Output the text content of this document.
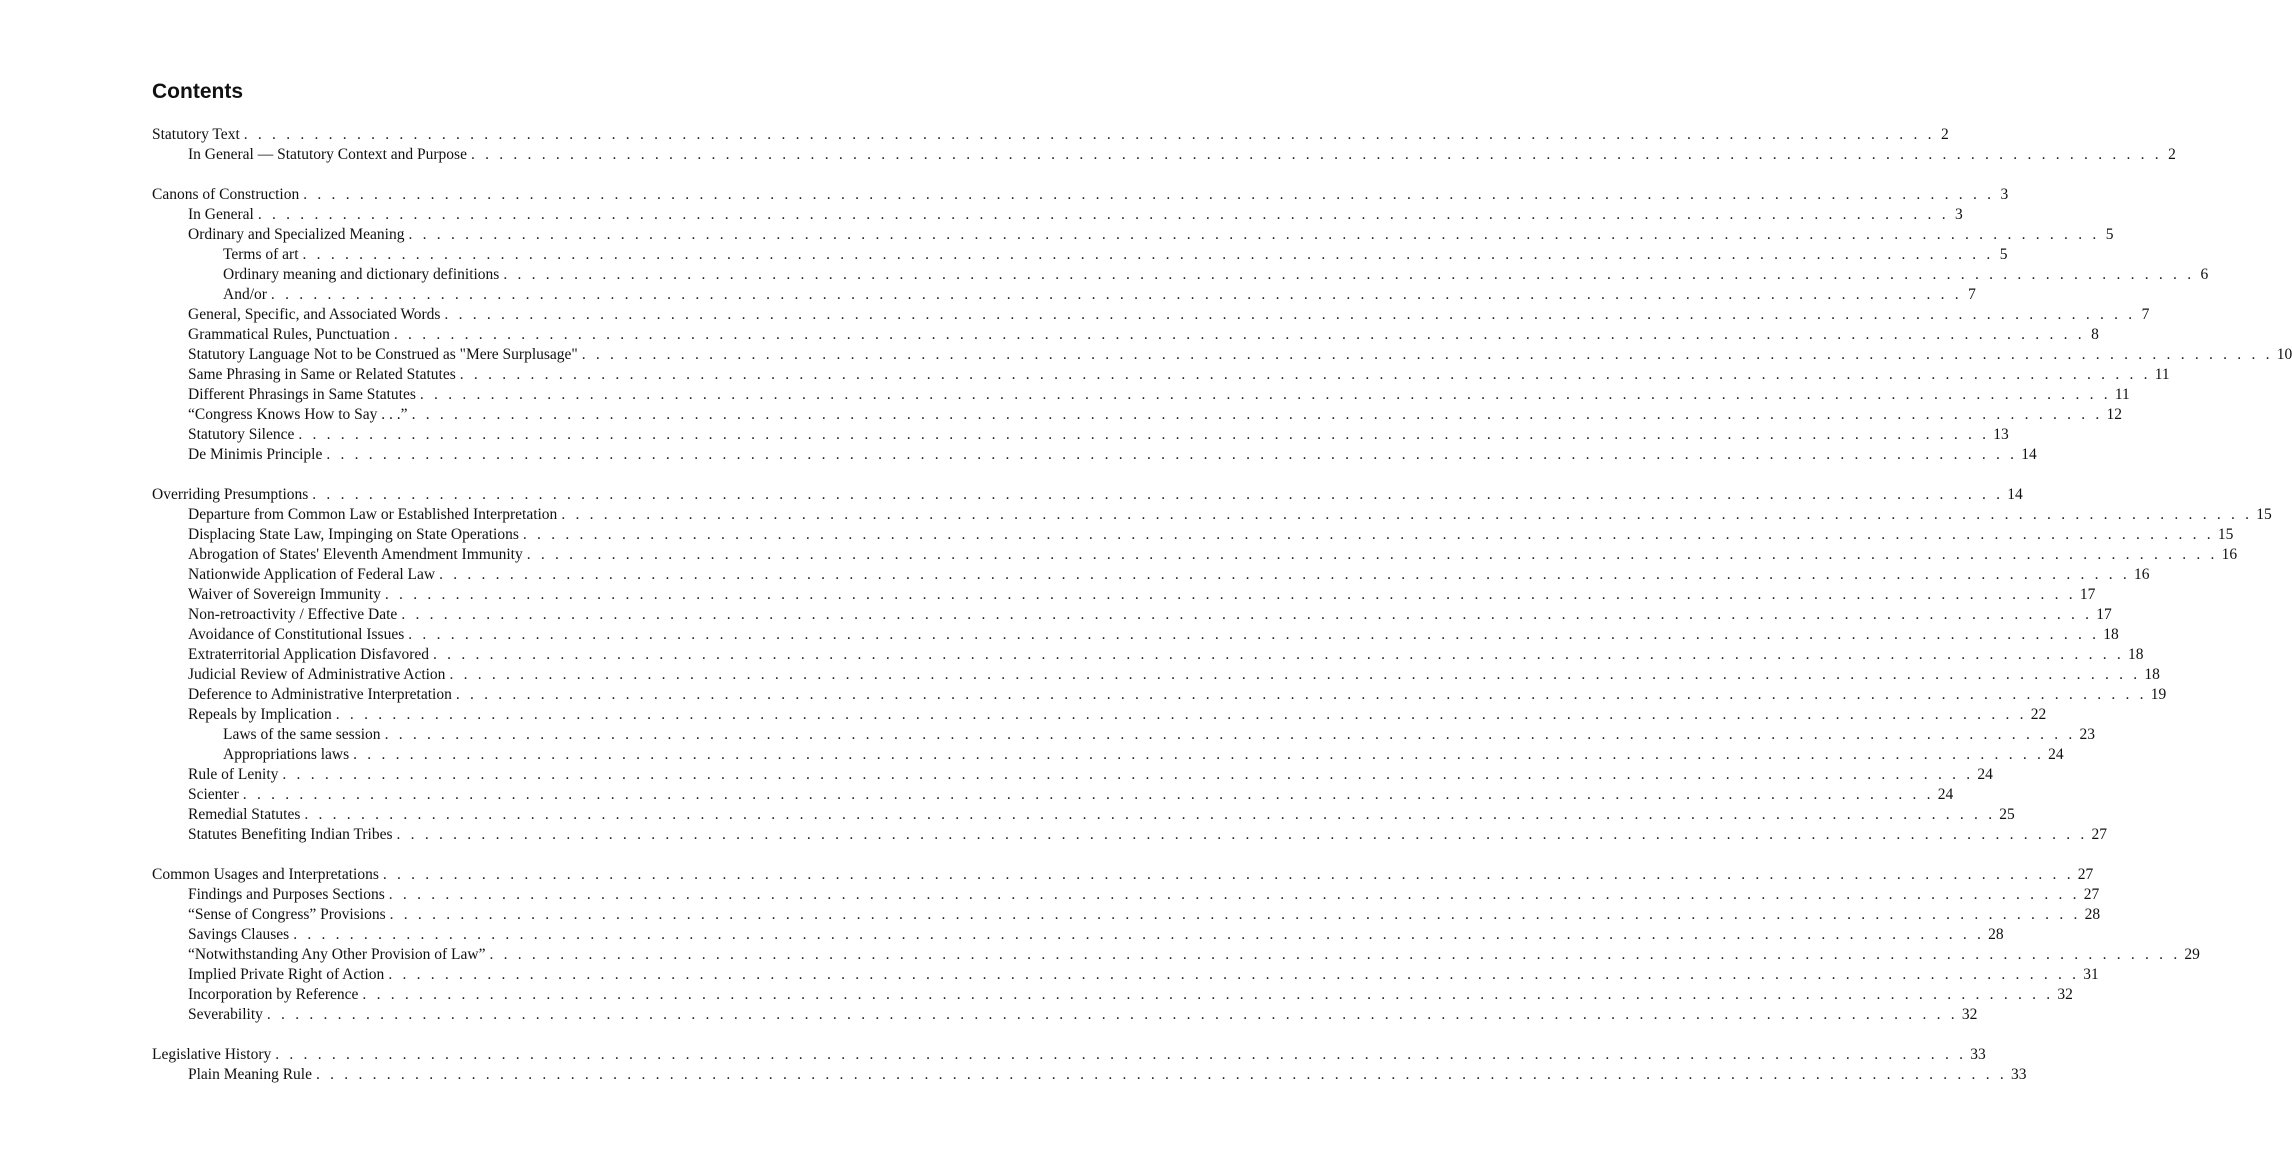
Contents
Statutory Text . . . . . . . . . . . . . . . . . . . . . . . . . . . . . . . . . . . . . . . . . . . . . . . . . . . . . . . . . . . . . . . . . . . . . . . . . . . . . . . . . . . . . . . . . . . . . . . . . . . . . . . . . . . . . . . . . . . . . . . . 2
In General — Statutory Context and Purpose . . . . . . . . . . . . . . . . . . . . . . . . . . . . . . . . . . . . . . . . . . . . . . . . . . . . . . . . . . . . . . . . . . . . . . . . . . . . . . . . . . . . . . . . . . . . . . . . . . . . . . . . . . . . . . . . . . . . . . . . 2
Canons of Construction . . . . . . . . . . . . . . . . . . . . . . . . . . . . . . . . . . . . . . . . . . . . . . . . . . . . . . . . . . . . . . . . . . . . . . . . . . . . . . . . . . . . . . . . . . . . . . . . . . . . . . . . . . . . . . . . . . . . . . . . 3
In General . . . . . . . . . . . . . . . . . . . . . . . . . . . . . . . . . . . . . . . . . . . . . . . . . . . . . . . . . . . . . . . . . . . . . . . . . . . . . . . . . . . . . . . . . . . . . . . . . . . . . . . . . . . . . . . . . . . . . . . . 3
Ordinary and Specialized Meaning . . . . . . . . . . . . . . . . . . . . . . . . . . . . . . . . . . . . . . . . . . . . . . . . . . . . . . . . . . . . . . . . . . . . . . . . . . . . . . . . . . . . . . . . . . . . . . . . . . . . . . . . . . . . . . . . . . . . . . . . 5
Terms of art . . . . . . . . . . . . . . . . . . . . . . . . . . . . . . . . . . . . . . . . . . . . . . . . . . . . . . . . . . . . . . . . . . . . . . . . . . . . . . . . . . . . . . . . . . . . . . . . . . . . . . . . . . . . . . . . . . . . . . . . 5
Ordinary meaning and dictionary definitions . . . . . . . . . . . . . . . . . . . . . . . . . . . . . . . . . . . . . . . . . . . . . . . . . . . . . . . . . . . . . . . . . . . . . . . . . . . . . . . . . . . . . . . . . . . . . . . . . . . . . . . . . . . . . . . . . . . . . . . . 6
And/or . . . . . . . . . . . . . . . . . . . . . . . . . . . . . . . . . . . . . . . . . . . . . . . . . . . . . . . . . . . . . . . . . . . . . . . . . . . . . . . . . . . . . . . . . . . . . . . . . . . . . . . . . . . . . . . . . . . . . . . . 7
General, Specific, and Associated Words . . . . . . . . . . . . . . . . . . . . . . . . . . . . . . . . . . . . . . . . . . . . . . . . . . . . . . . . . . . . . . . . . . . . . . . . . . . . . . . . . . . . . . . . . . . . . . . . . . . . . . . . . . . . . . . . . . . . . . . . 7
Grammatical Rules, Punctuation . . . . . . . . . . . . . . . . . . . . . . . . . . . . . . . . . . . . . . . . . . . . . . . . . . . . . . . . . . . . . . . . . . . . . . . . . . . . . . . . . . . . . . . . . . . . . . . . . . . . . . . . . . . . . . . . . . . . . . . . 8
Statutory Language Not to be Construed as "Mere Surplusage" . . . . . . . . . . . . . . . . . . . . . . . . . . . . . . . . . . . . . . . . . . . . . . . . . . . . . . . . . . . . . . . . . . . . . . . . . . . . . . . . . . . . . . . . . . . . . . . . . . . . . . . . . . . . . . . . . . . . . . . . 10
Same Phrasing in Same or Related Statutes . . . . . . . . . . . . . . . . . . . . . . . . . . . . . . . . . . . . . . . . . . . . . . . . . . . . . . . . . . . . . . . . . . . . . . . . . . . . . . . . . . . . . . . . . . . . . . . . . . . . . . . . . . . . . . . . . . . . . . . . 11
Different Phrasings in Same Statutes . . . . . . . . . . . . . . . . . . . . . . . . . . . . . . . . . . . . . . . . . . . . . . . . . . . . . . . . . . . . . . . . . . . . . . . . . . . . . . . . . . . . . . . . . . . . . . . . . . . . . . . . . . . . . . . . . . . . . . . . 11
“Congress Knows How to Say . . .” . . . . . . . . . . . . . . . . . . . . . . . . . . . . . . . . . . . . . . . . . . . . . . . . . . . . . . . . . . . . . . . . . . . . . . . . . . . . . . . . . . . . . . . . . . . . . . . . . . . . . . . . . . . . . . . . . . . . . . . . 12
Statutory Silence . . . . . . . . . . . . . . . . . . . . . . . . . . . . . . . . . . . . . . . . . . . . . . . . . . . . . . . . . . . . . . . . . . . . . . . . . . . . . . . . . . . . . . . . . . . . . . . . . . . . . . . . . . . . . . . . . . . . . . . . 13
De Minimis Principle . . . . . . . . . . . . . . . . . . . . . . . . . . . . . . . . . . . . . . . . . . . . . . . . . . . . . . . . . . . . . . . . . . . . . . . . . . . . . . . . . . . . . . . . . . . . . . . . . . . . . . . . . . . . . . . . . . . . . . . . 14
Overriding Presumptions . . . . . . . . . . . . . . . . . . . . . . . . . . . . . . . . . . . . . . . . . . . . . . . . . . . . . . . . . . . . . . . . . . . . . . . . . . . . . . . . . . . . . . . . . . . . . . . . . . . . . . . . . . . . . . . . . . . . . . . . 14
Departure from Common Law or Established Interpretation . . . . . . . . . . . . . . . . . . . . . . . . . . . . . . . . . . . . . . . . . . . . . . . . . . . . . . . . . . . . . . . . . . . . . . . . . . . . . . . . . . . . . . . . . . . . . . . . . . . . . . . . . . . . . . . . . . . . . . . . 15
Displacing State Law, Impinging on State Operations . . . . . . . . . . . . . . . . . . . . . . . . . . . . . . . . . . . . . . . . . . . . . . . . . . . . . . . . . . . . . . . . . . . . . . . . . . . . . . . . . . . . . . . . . . . . . . . . . . . . . . . . . . . . . . . . . . . . . . . . 15
Abrogation of States' Eleventh Amendment Immunity . . . . . . . . . . . . . . . . . . . . . . . . . . . . . . . . . . . . . . . . . . . . . . . . . . . . . . . . . . . . . . . . . . . . . . . . . . . . . . . . . . . . . . . . . . . . . . . . . . . . . . . . . . . . . . . . . . . . . . . . 16
Nationwide Application of Federal Law . . . . . . . . . . . . . . . . . . . . . . . . . . . . . . . . . . . . . . . . . . . . . . . . . . . . . . . . . . . . . . . . . . . . . . . . . . . . . . . . . . . . . . . . . . . . . . . . . . . . . . . . . . . . . . . . . . . . . . . . 16
Waiver of Sovereign Immunity . . . . . . . . . . . . . . . . . . . . . . . . . . . . . . . . . . . . . . . . . . . . . . . . . . . . . . . . . . . . . . . . . . . . . . . . . . . . . . . . . . . . . . . . . . . . . . . . . . . . . . . . . . . . . . . . . . . . . . . . 17
Non-retroactivity / Effective Date . . . . . . . . . . . . . . . . . . . . . . . . . . . . . . . . . . . . . . . . . . . . . . . . . . . . . . . . . . . . . . . . . . . . . . . . . . . . . . . . . . . . . . . . . . . . . . . . . . . . . . . . . . . . . . . . . . . . . . . . 17
Avoidance of Constitutional Issues . . . . . . . . . . . . . . . . . . . . . . . . . . . . . . . . . . . . . . . . . . . . . . . . . . . . . . . . . . . . . . . . . . . . . . . . . . . . . . . . . . . . . . . . . . . . . . . . . . . . . . . . . . . . . . . . . . . . . . . . 18
Extraterritorial Application Disfavored . . . . . . . . . . . . . . . . . . . . . . . . . . . . . . . . . . . . . . . . . . . . . . . . . . . . . . . . . . . . . . . . . . . . . . . . . . . . . . . . . . . . . . . . . . . . . . . . . . . . . . . . . . . . . . . . . . . . . . . . 18
Judicial Review of Administrative Action . . . . . . . . . . . . . . . . . . . . . . . . . . . . . . . . . . . . . . . . . . . . . . . . . . . . . . . . . . . . . . . . . . . . . . . . . . . . . . . . . . . . . . . . . . . . . . . . . . . . . . . . . . . . . . . . . . . . . . . . 18
Deference to Administrative Interpretation . . . . . . . . . . . . . . . . . . . . . . . . . . . . . . . . . . . . . . . . . . . . . . . . . . . . . . . . . . . . . . . . . . . . . . . . . . . . . . . . . . . . . . . . . . . . . . . . . . . . . . . . . . . . . . . . . . . . . . . . 19
Repeals by Implication . . . . . . . . . . . . . . . . . . . . . . . . . . . . . . . . . . . . . . . . . . . . . . . . . . . . . . . . . . . . . . . . . . . . . . . . . . . . . . . . . . . . . . . . . . . . . . . . . . . . . . . . . . . . . . . . . . . . . . . . 22
Laws of the same session . . . . . . . . . . . . . . . . . . . . . . . . . . . . . . . . . . . . . . . . . . . . . . . . . . . . . . . . . . . . . . . . . . . . . . . . . . . . . . . . . . . . . . . . . . . . . . . . . . . . . . . . . . . . . . . . . . . . . . . . 23
Appropriations laws . . . . . . . . . . . . . . . . . . . . . . . . . . . . . . . . . . . . . . . . . . . . . . . . . . . . . . . . . . . . . . . . . . . . . . . . . . . . . . . . . . . . . . . . . . . . . . . . . . . . . . . . . . . . . . . . . . . . . . . . 24
Rule of Lenity . . . . . . . . . . . . . . . . . . . . . . . . . . . . . . . . . . . . . . . . . . . . . . . . . . . . . . . . . . . . . . . . . . . . . . . . . . . . . . . . . . . . . . . . . . . . . . . . . . . . . . . . . . . . . . . . . . . . . . . . 24
Scienter . . . . . . . . . . . . . . . . . . . . . . . . . . . . . . . . . . . . . . . . . . . . . . . . . . . . . . . . . . . . . . . . . . . . . . . . . . . . . . . . . . . . . . . . . . . . . . . . . . . . . . . . . . . . . . . . . . . . . . . . 24
Remedial Statutes . . . . . . . . . . . . . . . . . . . . . . . . . . . . . . . . . . . . . . . . . . . . . . . . . . . . . . . . . . . . . . . . . . . . . . . . . . . . . . . . . . . . . . . . . . . . . . . . . . . . . . . . . . . . . . . . . . . . . . . . 25
Statutes Benefiting Indian Tribes . . . . . . . . . . . . . . . . . . . . . . . . . . . . . . . . . . . . . . . . . . . . . . . . . . . . . . . . . . . . . . . . . . . . . . . . . . . . . . . . . . . . . . . . . . . . . . . . . . . . . . . . . . . . . . . . . . . . . . . . 27
Common Usages and Interpretations . . . . . . . . . . . . . . . . . . . . . . . . . . . . . . . . . . . . . . . . . . . . . . . . . . . . . . . . . . . . . . . . . . . . . . . . . . . . . . . . . . . . . . . . . . . . . . . . . . . . . . . . . . . . . . . . . . . . . . . . 27
Findings and Purposes Sections . . . . . . . . . . . . . . . . . . . . . . . . . . . . . . . . . . . . . . . . . . . . . . . . . . . . . . . . . . . . . . . . . . . . . . . . . . . . . . . . . . . . . . . . . . . . . . . . . . . . . . . . . . . . . . . . . . . . . . . . 27
“Sense of Congress” Provisions . . . . . . . . . . . . . . . . . . . . . . . . . . . . . . . . . . . . . . . . . . . . . . . . . . . . . . . . . . . . . . . . . . . . . . . . . . . . . . . . . . . . . . . . . . . . . . . . . . . . . . . . . . . . . . . . . . . . . . . . 28
Savings Clauses . . . . . . . . . . . . . . . . . . . . . . . . . . . . . . . . . . . . . . . . . . . . . . . . . . . . . . . . . . . . . . . . . . . . . . . . . . . . . . . . . . . . . . . . . . . . . . . . . . . . . . . . . . . . . . . . . . . . . . . . 28
“Notwithstanding Any Other Provision of Law” . . . . . . . . . . . . . . . . . . . . . . . . . . . . . . . . . . . . . . . . . . . . . . . . . . . . . . . . . . . . . . . . . . . . . . . . . . . . . . . . . . . . . . . . . . . . . . . . . . . . . . . . . . . . . . . . . . . . . . . . 29
Implied Private Right of Action . . . . . . . . . . . . . . . . . . . . . . . . . . . . . . . . . . . . . . . . . . . . . . . . . . . . . . . . . . . . . . . . . . . . . . . . . . . . . . . . . . . . . . . . . . . . . . . . . . . . . . . . . . . . . . . . . . . . . . . . 31
Incorporation by Reference . . . . . . . . . . . . . . . . . . . . . . . . . . . . . . . . . . . . . . . . . . . . . . . . . . . . . . . . . . . . . . . . . . . . . . . . . . . . . . . . . . . . . . . . . . . . . . . . . . . . . . . . . . . . . . . . . . . . . . . . 32
Severability . . . . . . . . . . . . . . . . . . . . . . . . . . . . . . . . . . . . . . . . . . . . . . . . . . . . . . . . . . . . . . . . . . . . . . . . . . . . . . . . . . . . . . . . . . . . . . . . . . . . . . . . . . . . . . . . . . . . . . . . 32
Legislative History . . . . . . . . . . . . . . . . . . . . . . . . . . . . . . . . . . . . . . . . . . . . . . . . . . . . . . . . . . . . . . . . . . . . . . . . . . . . . . . . . . . . . . . . . . . . . . . . . . . . . . . . . . . . . . . . . . . . . . . . 33
Plain Meaning Rule . . . . . . . . . . . . . . . . . . . . . . . . . . . . . . . . . . . . . . . . . . . . . . . . . . . . . . . . . . . . . . . . . . . . . . . . . . . . . . . . . . . . . . . . . . . . . . . . . . . . . . . . . . . . . . . . . . . . . . . . 33
